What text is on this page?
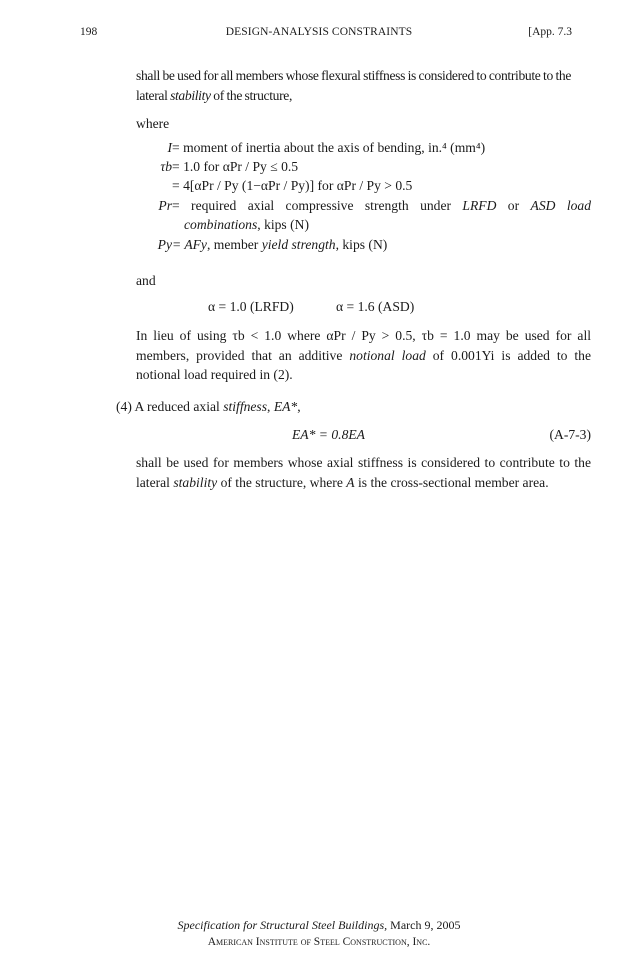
198	DESIGN-ANALYSIS CONSTRAINTS	[App. 7.3
shall be used for all members whose flexural stiffness is considered to contribute to the lateral stability of the structure,
where
I = moment of inertia about the axis of bending, in.⁴ (mm⁴)
τb = 1.0 for αPr / Py ≤ 0.5
= 4[αPr / Py (1−αPr / Py)] for αPr / Py > 0.5
Pr = required axial compressive strength under LRFD or ASD load
combinations, kips (N)
Py = AFy, member yield strength, kips (N)
and
α = 1.0 (LRFD)	α = 1.6 (ASD)
In lieu of using τb < 1.0 where αPr / Py > 0.5, τb = 1.0 may be used for all members, provided that an additive notional load of 0.001Yi is added to the notional load required in (2).
(4) A reduced axial stiffness, EA*,
EA* = 0.8EA	(A-7-3)
shall be used for members whose axial stiffness is considered to contribute to the lateral stability of the structure, where A is the cross-sectional member area.
Specification for Structural Steel Buildings, March 9, 2005
American Institute of Steel Construction, Inc.
